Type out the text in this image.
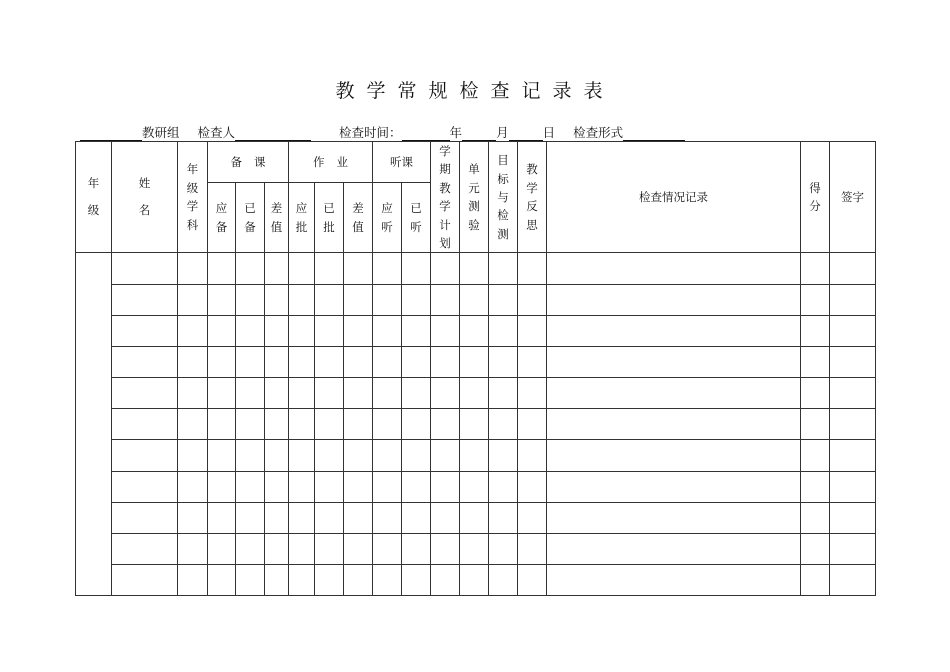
教学常规检查记录表
教研组 检查人	检查时间：	年	月	日 检查形式
年级	姓名	年级学科	备课			作业			听课		学期教学计划	单元测验	目标与检测	教学反思	检查情况记录	得分	签字
			应备	已备	差值	应批	已批	差值	应听	已听							
